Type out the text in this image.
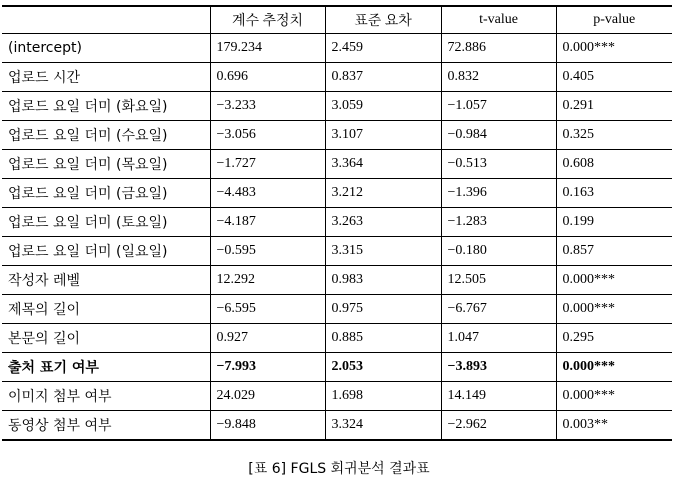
	계수 추정치	표준 요차	t-value	p-value
(intercept)	179.234	2.459	72.886	0.000***
업로드 시간	0.696	0.837	0.832	0.405
업로드 요일 더미 (화요일)	−3.233	3.059	−1.057	0.291
업로드 요일 더미 (수요일)	−3.056	3.107	−0.984	0.325
업로드 요일 더미 (목요일)	−1.727	3.364	−0.513	0.608
업로드 요일 더미 (금요일)	−4.483	3.212	−1.396	0.163
업로드 요일 더미 (토요일)	−4.187	3.263	−1.283	0.199
업로드 요일 더미 (일요일)	−0.595	3.315	−0.180	0.857
작성자 레벨	12.292	0.983	12.505	0.000***
제목의 길이	−6.595	0.975	−6.767	0.000***
본문의 길이	0.927	0.885	1.047	0.295
출처 표기 여부	−7.993	2.053	−3.893	0.000***
이미지 첨부 여부	24.029	1.698	14.149	0.000***
동영상 첨부 여부	−9.848	3.324	−2.962	0.003**
[표 6] FGLS 회귀분석 결과표
